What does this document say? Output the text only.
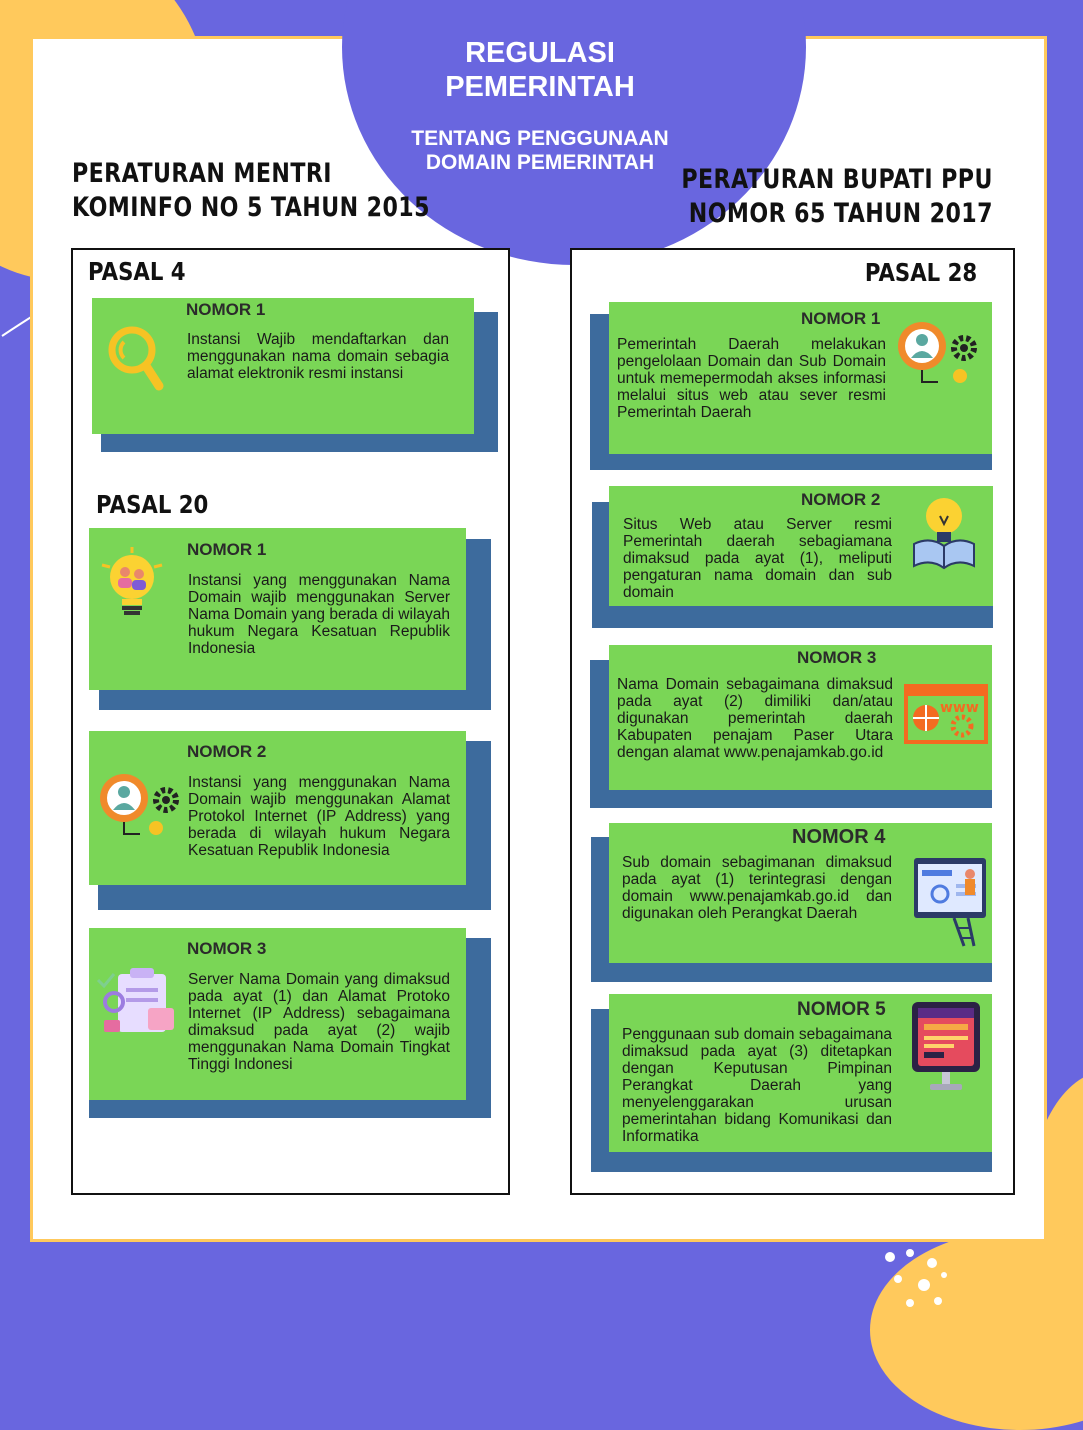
REGULASI
PEMERINTAH
TENTANG PENGGUNAAN
DOMAIN PEMERINTAH
PERATURAN MENTRI
KOMINFO NO 5 TAHUN 2015
PERATURAN BUPATI PPU
NOMOR 65 TAHUN 2017
PASAL 4
PASAL 20
NOMOR 1
Instansi Wajib mendaftarkan dan menggunakan nama domain sebagia alamat elektronik resmi instansi
NOMOR 1
Instansi yang menggunakan Nama Domain wajib menggunakan Server Nama Domain yang berada di wilayah hukum Negara Kesatuan Republik Indonesia
NOMOR 2
Instansi yang menggunakan Nama Domain wajib menggunakan Alamat Protokol Internet (IP Address) yang berada di wilayah hukum Negara Kesatuan Republik Indonesia
NOMOR 3
Server Nama Domain yang dimaksud pada ayat (1) dan Alamat Protoko Internet (IP Address) sebagaimana dimaksud pada ayat (2) wajib menggunakan Nama Domain Tingkat Tinggi Indonesi
PASAL 28
NOMOR 1
Pemerintah Daerah melakukan pengelolaan Domain dan Sub Domain untuk memepermodah akses informasi melalui situs web atau sever resmi Pemerintah Daerah
NOMOR 2
Situs Web atau Server resmi Pemerintah daerah sebagiamana dimaksud pada ayat (1), meliputi pengaturan nama domain dan sub domain
NOMOR 3
Nama Domain sebagaimana dimaksud pada ayat (2) dimiliki dan/atau digunakan pemerintah daerah Kabupaten penajam Paser Utara dengan alamat www.penajamkab.go.id
www
NOMOR 4
Sub domain sebagimanan dimaksud pada ayat (1) terintegrasi dengan domain www.penajamkab.go.id dan digunakan oleh Perangkat Daerah
NOMOR 5
Penggunaan sub domain sebagaimana dimaksud pada ayat (3) ditetapkan dengan Keputusan Pimpinan Perangkat Daerah yang menyelenggarakan urusan pemerintahan bidang Komunikasi dan Informatika
